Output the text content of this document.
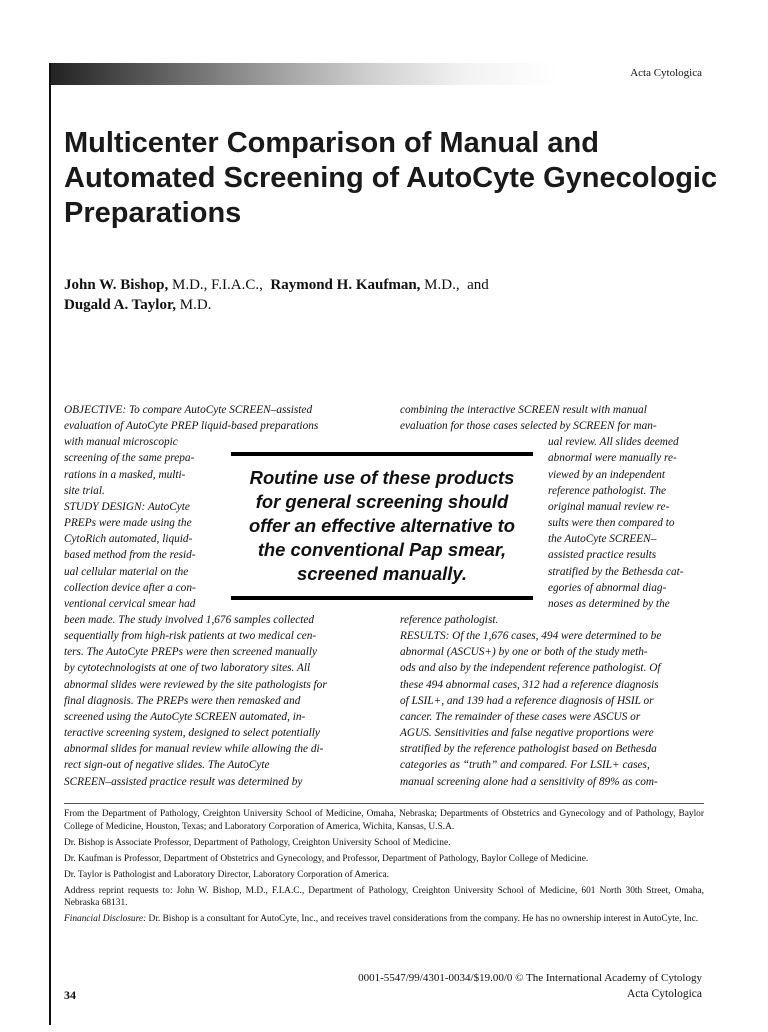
Acta Cytologica
Multicenter Comparison of Manual and Automated Screening of AutoCyte Gynecologic Preparations
John W. Bishop, M.D., F.I.A.C., Raymond H. Kaufman, M.D., and
Dugald A. Taylor, M.D.

OBJECTIVE: To compare AutoCyte SCREEN–assisted

evaluation of AutoCyte PREP liquid-based preparations

with manual microscopic

screening of the same prepa-

rations in a masked, multi-

site trial.

STUDY DESIGN: AutoCyte

PREPs were made using the

CytoRich automated, liquid-

based method from the resid-

ual cellular material on the

collection device after a con-

ventional cervical smear had

been made. The study involved 1,676 samples collected

sequentially from high-risk patients at two medical cen-

ters. The AutoCyte PREPs were then screened manually

by cytotechnologists at one of two laboratory sites. All

abnormal slides were reviewed by the site pathologists for

final diagnosis. The PREPs were then remasked and

screened using the AutoCyte SCREEN automated, in-

teractive screening system, designed to select potentially

abnormal slides for manual review while allowing the di-

rect sign-out of negative slides. The AutoCyte

SCREEN–assisted practice result was determined by

combining the interactive SCREEN result with manual

evaluation for those cases selected by SCREEN for man-

ual review. All slides deemed

abnormal were manually re-

viewed by an independent

reference pathologist. The

original manual review re-

sults were then compared to

the AutoCyte SCREEN–

assisted practice results

stratified by the Bethesda cat-

egories of abnormal diag-

noses as determined by the

reference pathologist.

RESULTS: Of the 1,676 cases, 494 were determined to be

abnormal (ASCUS+) by one or both of the study meth-

ods and also by the independent reference pathologist. Of

these 494 abnormal cases, 312 had a reference diagnosis

of LSIL+, and 139 had a reference diagnosis of HSIL or

cancer. The remainder of these cases were ASCUS or

AGUS. Sensitivities and false negative proportions were

stratified by the reference pathologist based on Bethesda

categories as “truth” and compared. For LSIL+ cases,

manual screening alone had a sensitivity of 89% as com-

Routine use of these products for general screening should offer an effective alternative to the conventional Pap smear, screened manually.

From the Department of Pathology, Creighton University School of Medicine, Omaha, Nebraska; Departments of Obstetrics and Gynecology and of Pathology, Baylor College of Medicine, Houston, Texas; and Laboratory Corporation of America, Wichita, Kansas, U.S.A.

Dr. Bishop is Associate Professor, Department of Pathology, Creighton University School of Medicine.

Dr. Kaufman is Professor, Department of Obstetrics and Gynecology, and Professor, Department of Pathology, Baylor College of Medicine.

Dr. Taylor is Pathologist and Laboratory Director, Laboratory Corporation of America.

Address reprint requests to: John W. Bishop, M.D., F.I.A.C., Department of Pathology, Creighton University School of Medicine, 601 North 30th Street, Omaha, Nebraska 68131.

Financial Disclosure: Dr. Bishop is a consultant for AutoCyte, Inc., and receives travel considerations from the company. He has no ownership interest in AutoCyte, Inc.

0001-5547/99/4301-0034/$19.00/0 © The International Academy of Cytology
34	Acta Cytologica
